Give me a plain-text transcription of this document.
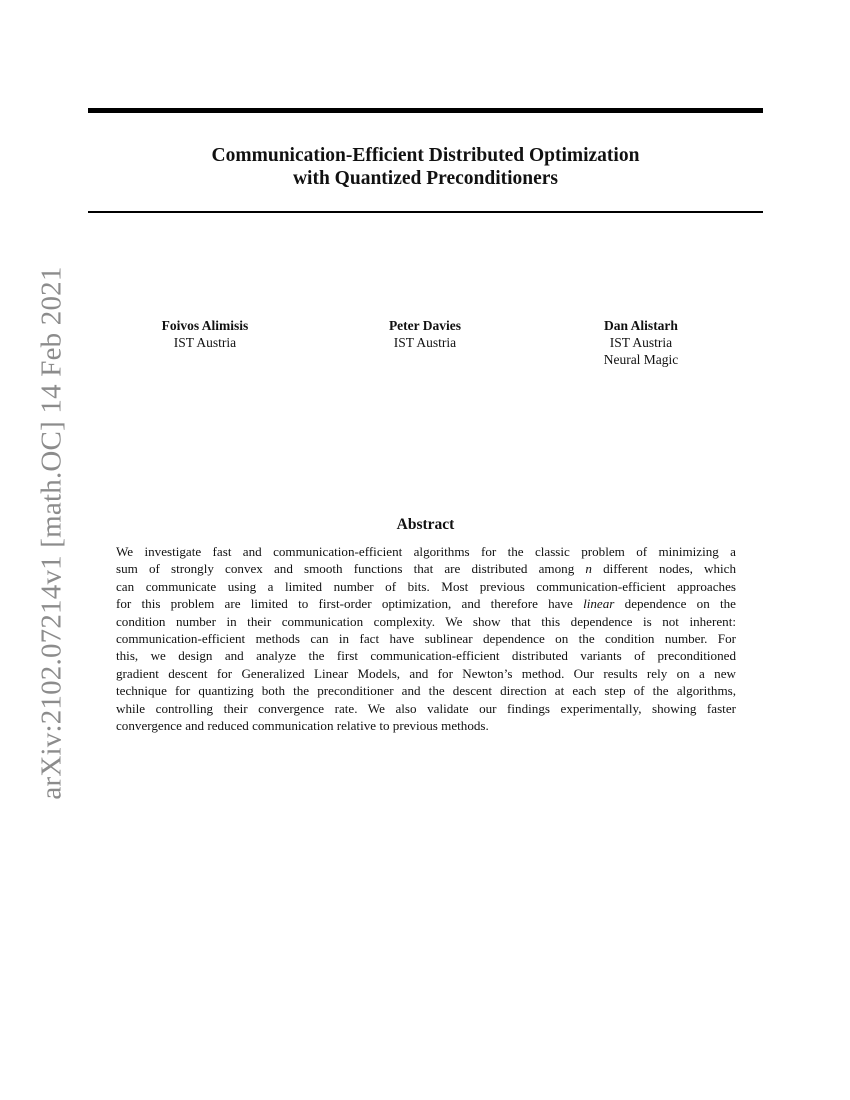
Communication-Efficient Distributed Optimization
with Quantized Preconditioners
Foivos Alimisis
IST Austria
Peter Davies
IST Austria
Dan Alistarh
IST Austria
Neural Magic
Abstract
We investigate fast and communication-efficient algorithms for the classic problem of minimizing a
sum of strongly convex and smooth functions that are distributed among n different nodes, which
can communicate using a limited number of bits. Most previous communication-efficient approaches
for this problem are limited to first-order optimization, and therefore have linear dependence on the
condition number in their communication complexity. We show that this dependence is not inherent:
communication-efficient methods can in fact have sublinear dependence on the condition number. For
this, we design and analyze the first communication-efficient distributed variants of preconditioned
gradient descent for Generalized Linear Models, and for Newton’s method. Our results rely on a new
technique for quantizing both the preconditioner and the descent direction at each step of the algorithms,
while controlling their convergence rate. We also validate our findings experimentally, showing faster
convergence and reduced communication relative to previous methods.
arXiv:2102.07214v1 [math.OC] 14 Feb 2021
